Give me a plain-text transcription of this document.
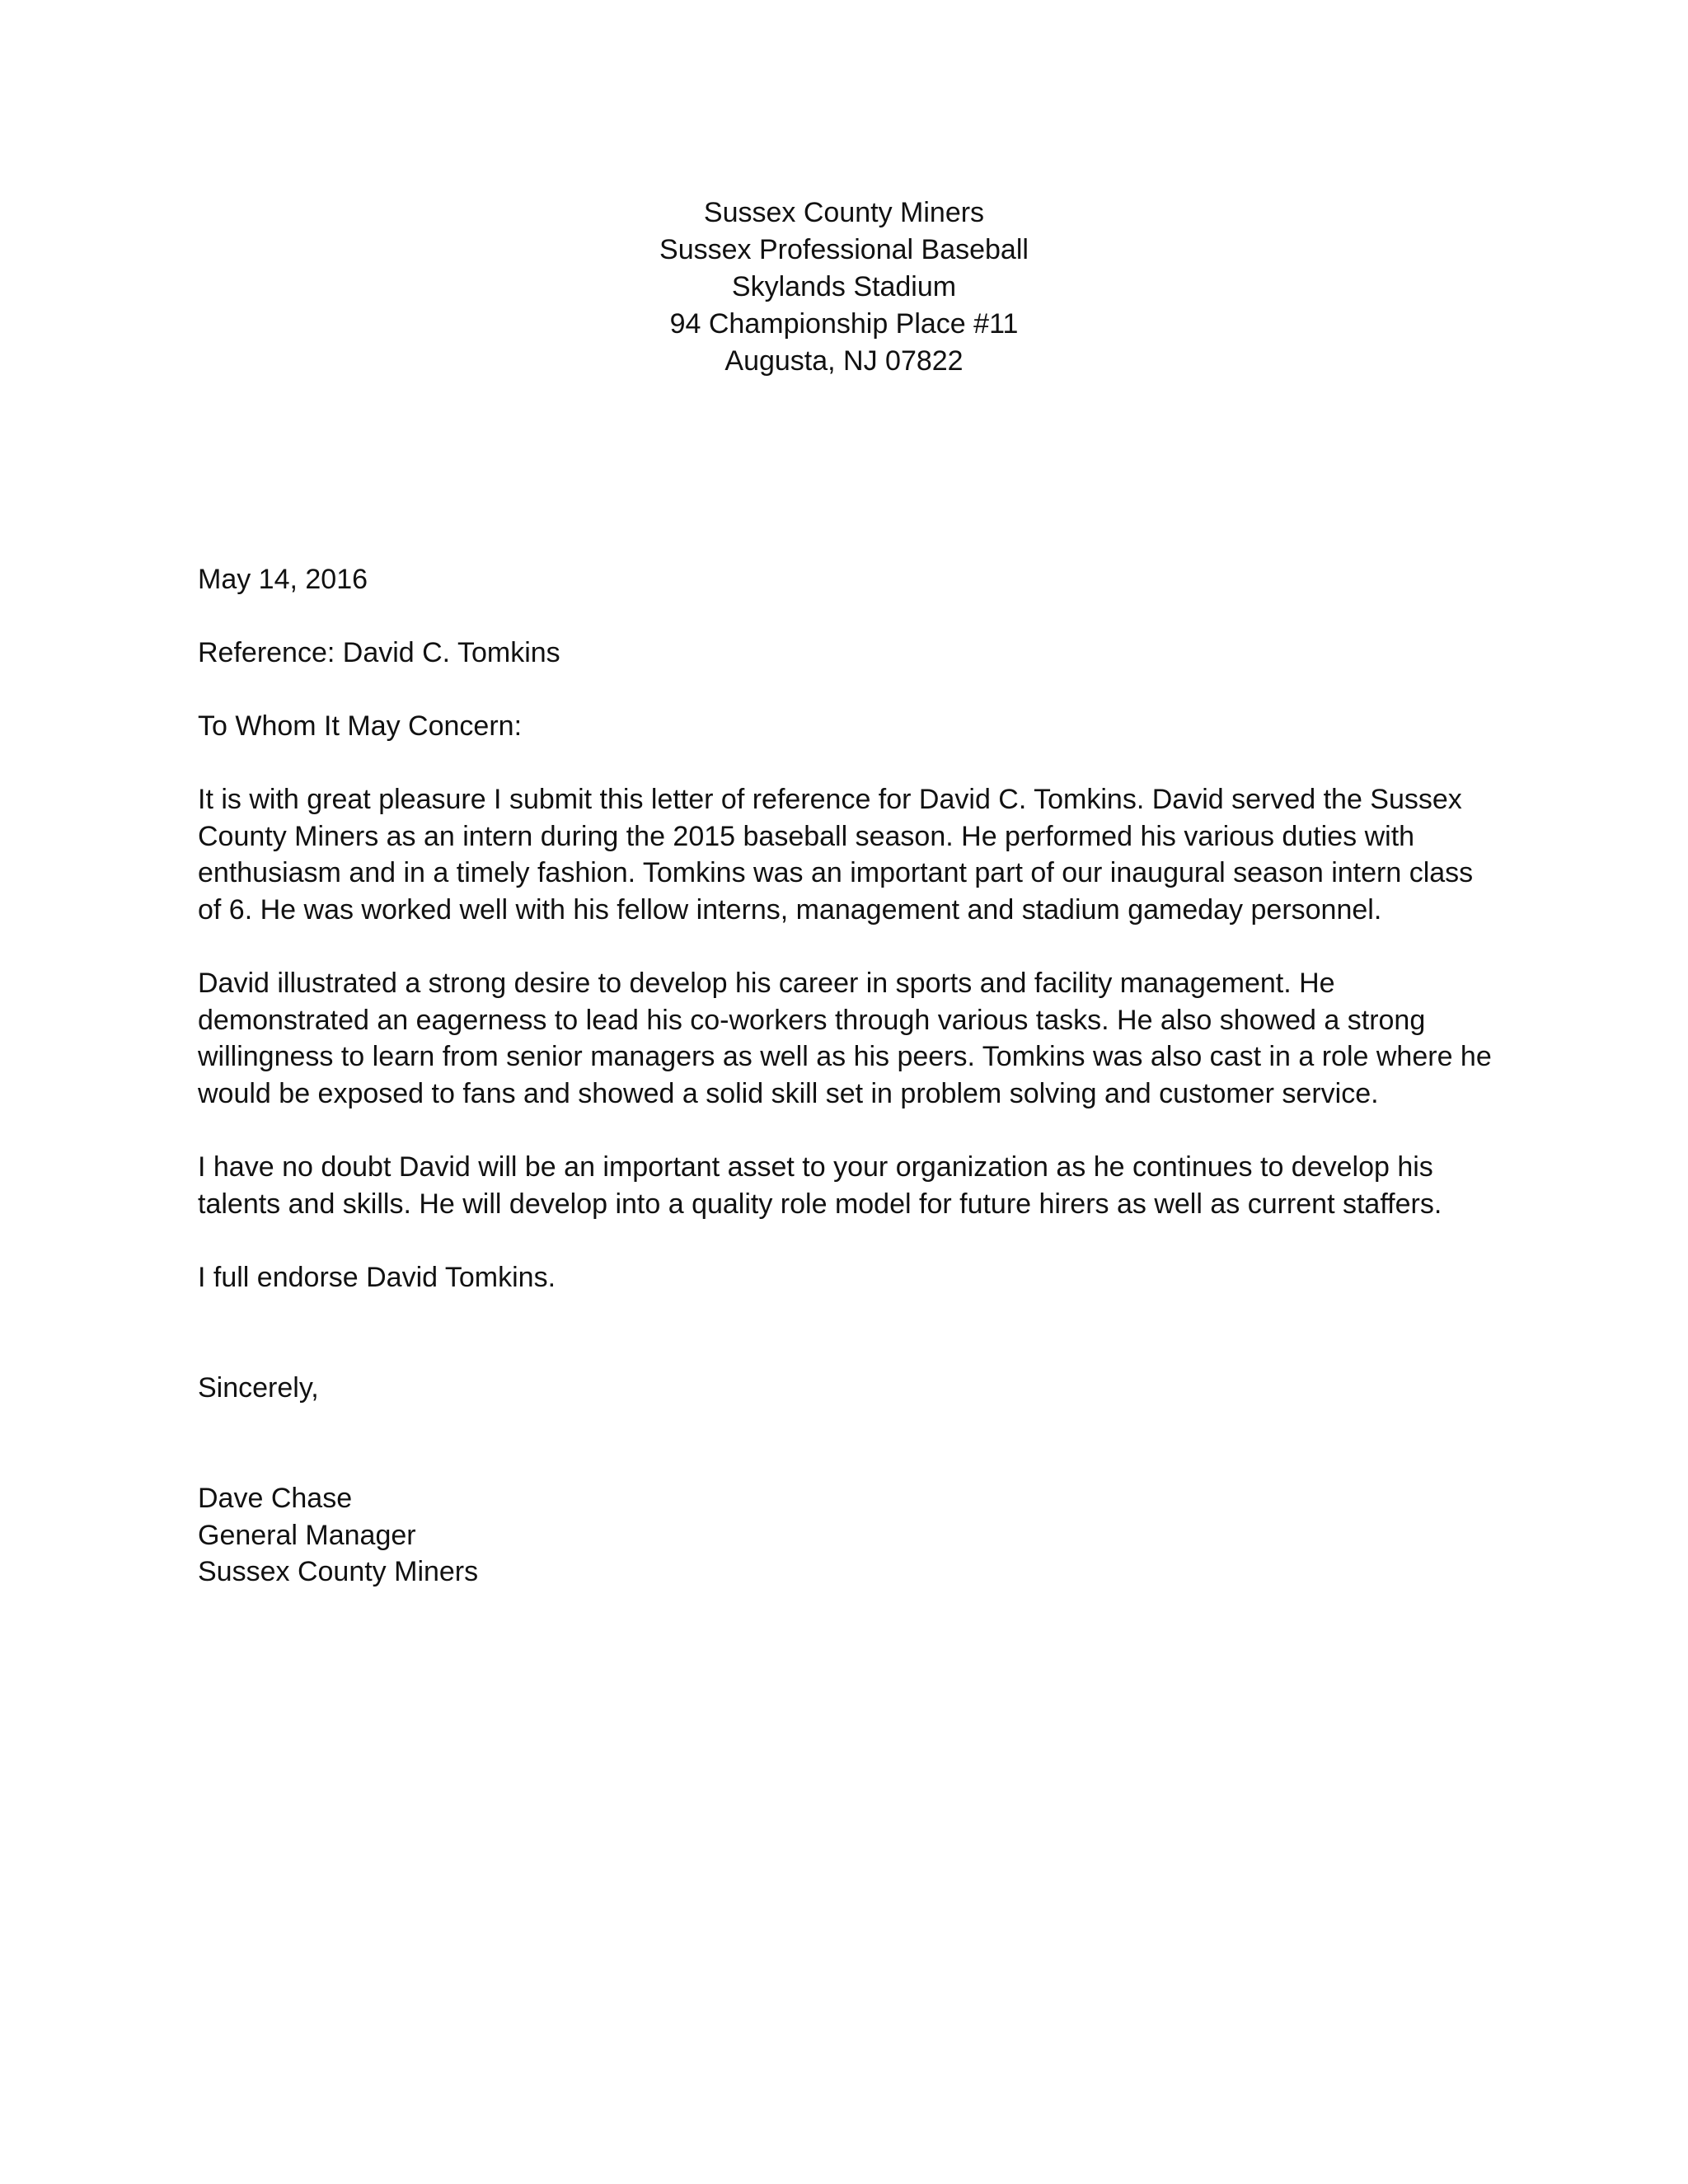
Sussex County Miners
Sussex Professional Baseball
Skylands Stadium
94 Championship Place #11
Augusta, NJ 07822
May 14, 2016
Reference: David C. Tomkins
To Whom It May Concern:
It is with great pleasure I submit this letter of reference for David C. Tomkins. David served the Sussex
County Miners as an intern during the 2015 baseball season. He performed his various duties with
enthusiasm and in a timely fashion. Tomkins was an important part of our inaugural season intern class
of 6. He was worked well with his fellow interns, management and stadium gameday personnel.
David illustrated a strong desire to develop his career in sports and facility management. He
demonstrated an eagerness to lead his co-workers through various tasks. He also showed a strong
willingness to learn from senior managers as well as his peers. Tomkins was also cast in a role where he
would be exposed to fans and showed a solid skill set in problem solving and customer service.
I have no doubt David will be an important asset to your organization as he continues to develop his
talents and skills. He will develop into a quality role model for future hirers as well as current staffers.
I full endorse David Tomkins.
Sincerely,
Dave Chase
General Manager
Sussex County Miners
